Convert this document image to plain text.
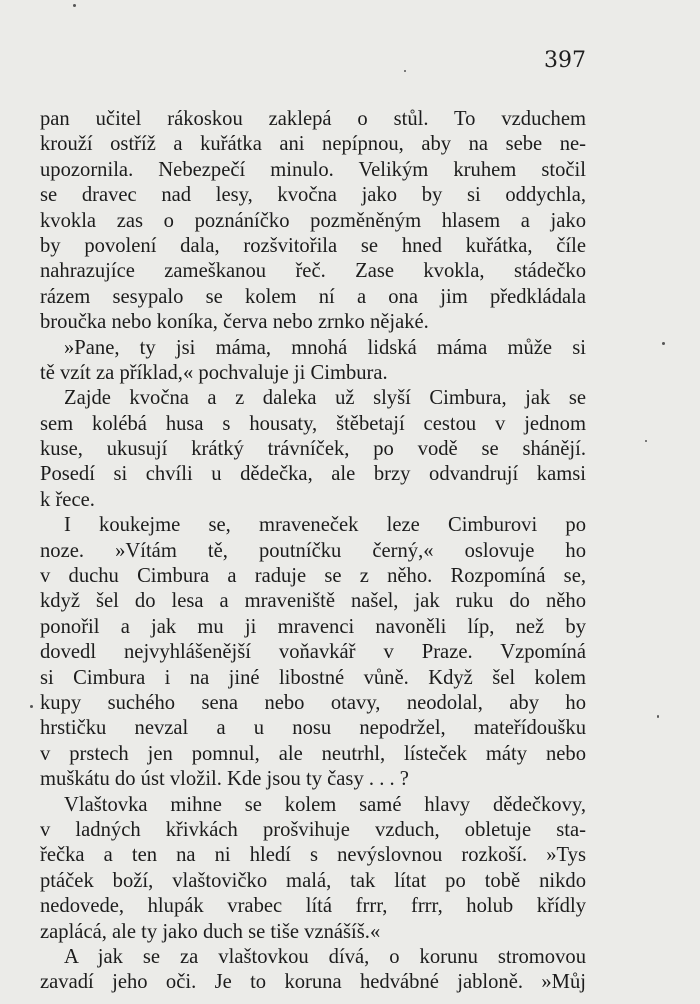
397

pan učitel rákoskou zaklepá o stůl. To vzduchem

krouží ostříž a kuřátka ani nepípnou, aby na sebe ne-

upozornila. Nebezpečí minulo. Velikým kruhem stočil

se dravec nad lesy, kvočna jako by si oddychla,

kvokla zas o poznáníčko pozměněným hlasem a jako

by povolení dala, rozšvitořila se hned kuřátka, číle

nahrazujíce zameškanou řeč. Zase kvokla, stádečko

rázem sesypalo se kolem ní a ona jim předkládala

broučka nebo koníka, červa nebo zrnko nějaké.

»Pane, ty jsi máma, mnohá lidská máma může si

tě vzít za příklad,« pochvaluje ji Cimbura.

Zajde kvočna a z daleka už slyší Cimbura, jak se

sem kolébá husa s housaty, štěbetají cestou v jednom

kuse, ukusují krátký trávníček, po vodě se shánějí.

Posedí si chvíli u dědečka, ale brzy odvandrují kamsi

k řece.

I koukejme se, mraveneček leze Cimburovi po

noze. »Vítám tě, poutníčku černý,« oslovuje ho

v duchu Cimbura a raduje se z něho. Rozpomíná se,

když šel do lesa a mraveniště našel, jak ruku do něho

ponořil a jak mu ji mravenci navoněli líp, než by

dovedl nejvyhlášenější voňavkář v Praze. Vzpomíná

si Cimbura i na jiné libostné vůně. Když šel kolem

kupy suchého sena nebo otavy, neodolal, aby ho

hrstičku nevzal a u nosu nepodržel, mateřídoušku

v prstech jen pomnul, ale neutrhl, lísteček máty nebo

muškátu do úst vložil. Kde jsou ty časy . . . ?

Vlaštovka mihne se kolem samé hlavy dědečkovy,

v ladných křivkách prošvihuje vzduch, obletuje sta-

řečka a ten na ni hledí s nevýslovnou rozkoší. »Tys

ptáček boží, vlaštovičko malá, tak lítat po tobě nikdo

nedovede, hlupák vrabec lítá frrr, frrr, holub křídly

zaplácá, ale ty jako duch se tiše vznášíš.«

A jak se za vlaštovkou dívá, o korunu stromovou

zavadí jeho oči. Je to koruna hedvábné jabloně. »Můj
